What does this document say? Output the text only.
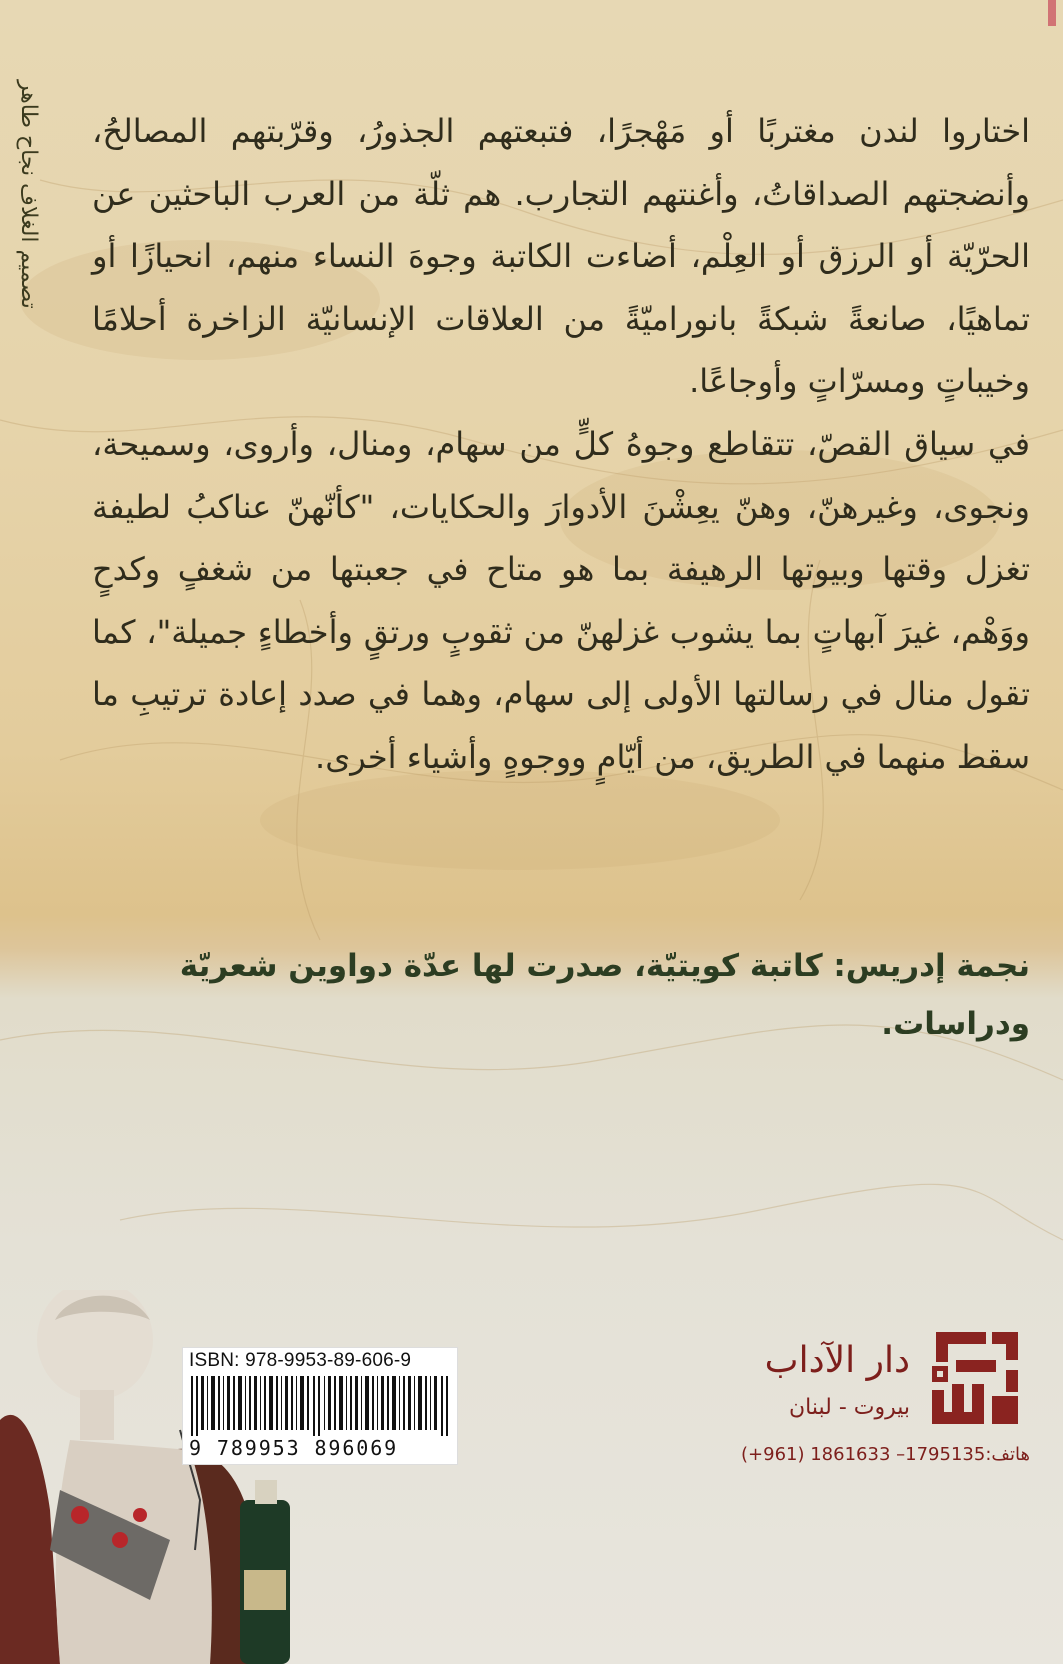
تصميم الغلاف نجاح طاهر اختاروا لندن مغتربًا أو مَهْجرًا، فتبعتهم الجذورُ، وقرّبتهم المصالحُ، وأنضجتهم الصداقاتُ، وأغنتهم التجارب. هم ثلّة من العرب الباحثين عن الحرّيّة أو الرزق أو العِلْم، أضاءت الكاتبة وجوهَ النساء منهم، انحيازًا أو تماهيًا، صانعةً شبكةً بانوراميّةً من العلاقات الإنسانيّة الزاخرة أحلامًا وخيباتٍ ومسرّاتٍ وأوجاعًا.

في سياق القصّ، تتقاطع وجوهُ كلٍّ من سهام، ومنال، وأروى، وسميحة، ونجوى، وغيرهنّ، وهنّ يعِشْنَ الأدوارَ والحكايات، "كأنّهنّ عناكبُ لطيفة تغزل وقتها وبيوتها الرهيفة بما هو متاح في جعبتها من شغفٍ وكدحٍ ووَهْم، غيرَ آبهاتٍ بما يشوب غزلهنّ من ثقوبٍ ورتقٍ وأخطاءٍ جميلة"، كما تقول منال في رسالتها الأولى إلى سهام، وهما في صدد إعادة ترتيبِ ما سقط منهما في الطريق، من أيّامٍ ووجوهٍ وأشياء أخرى.

نجمة إدريس: كاتبة كويتيّة، صدرت لها عدّة دواوين شعريّة ودراسات.
ISBN: 978-9953-89-606-9
9 789953 896069
دار الآداب
بيروت - لبنان
هاتف:1795135– 1861633 (961+)
